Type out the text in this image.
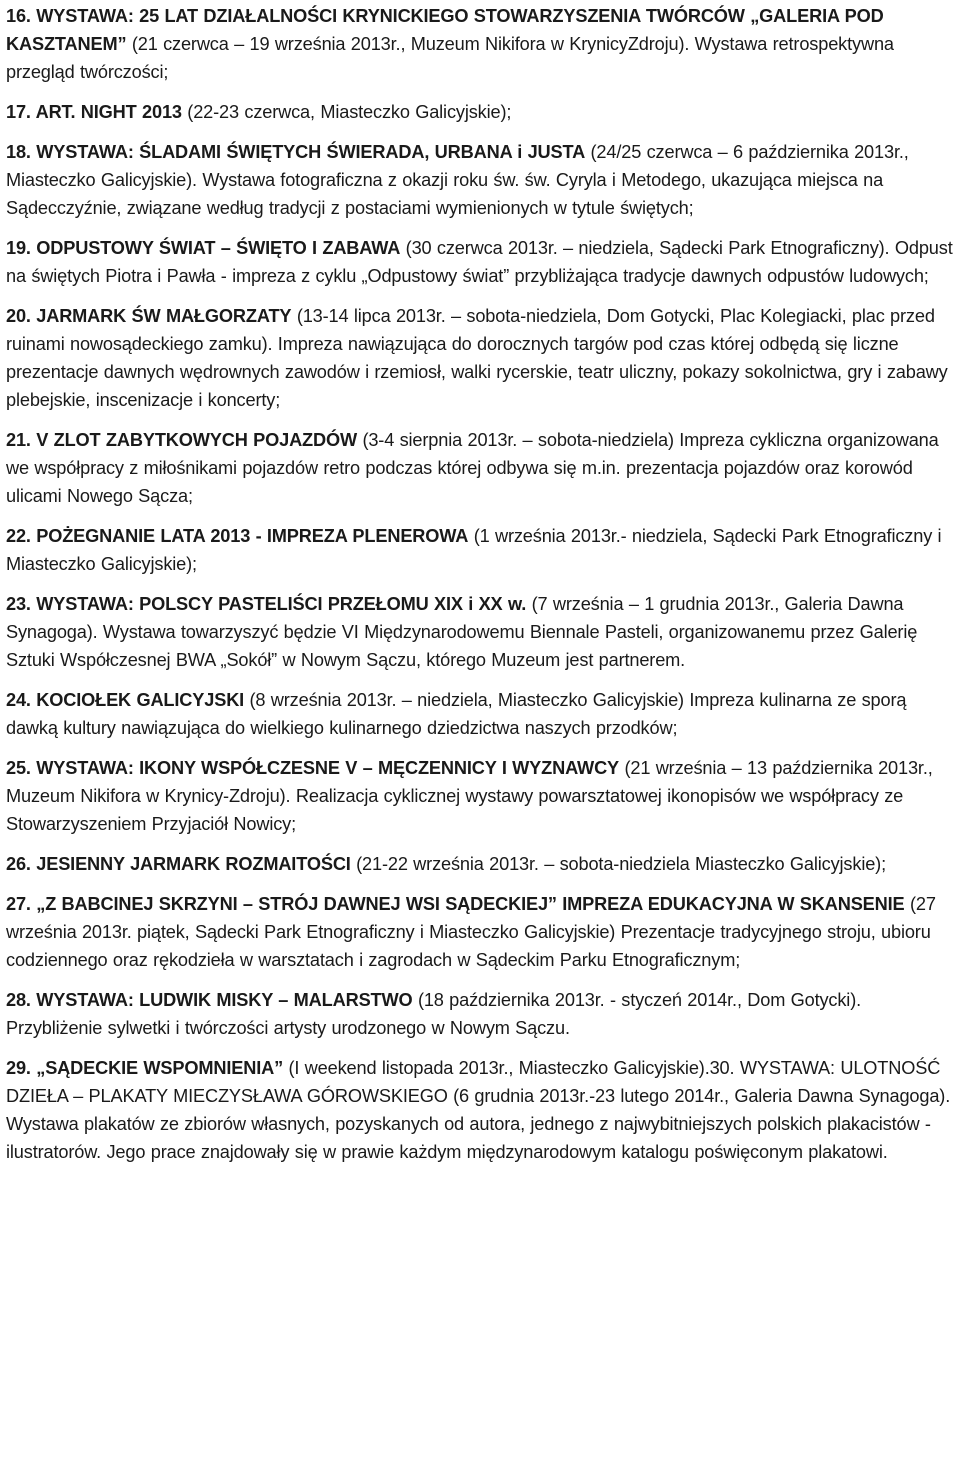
16. WYSTAWA: 25 LAT DZIAŁALNOŚCI KRYNICKIEGO STOWARZYSZENIA TWÓRCÓW „GALERIA POD KASZTANEM” (21 czerwca – 19 września 2013r., Muzeum Nikifora w KrynicyZdroju). Wystawa retrospektywna przegląd twórczości;

17. ART. NIGHT 2013 (22-23 czerwca, Miasteczko Galicyjskie);

18. WYSTAWA: ŚLADAMI ŚWIĘTYCH ŚWIERADA, URBANA i JUSTA (24/25 czerwca – 6 października 2013r., Miasteczko Galicyjskie). Wystawa fotograficzna z okazji roku św. św. Cyryla i Metodego, ukazująca miejsca na Sądecczyźnie, związane według tradycji z postaciami wymienionych w tytule świętych;

19. ODPUSTOWY ŚWIAT – ŚWIĘTO I ZABAWA (30 czerwca 2013r. – niedziela, Sądecki Park Etnograficzny). Odpust na świętych Piotra i Pawła - impreza z cyklu „Odpustowy świat” przybliżająca tradycje dawnych odpustów ludowych;

20. JARMARK ŚW MAŁGORZATY (13-14 lipca 2013r. – sobota-niedziela, Dom Gotycki, Plac Kolegiacki, plac przed ruinami nowosądeckiego zamku). Impreza nawiązująca do dorocznych targów pod czas której odbędą się liczne prezentacje dawnych wędrownych zawodów i rzemiosł, walki rycerskie, teatr uliczny, pokazy sokolnictwa, gry i zabawy plebejskie, inscenizacje i koncerty;

21. V ZLOT ZABYTKOWYCH POJAZDÓW (3-4 sierpnia 2013r. – sobota-niedziela) Impreza cykliczna organizowana we współpracy z miłośnikami pojazdów retro podczas której odbywa się m.in. prezentacja pojazdów oraz korowód ulicami Nowego Sącza;

22. POŻEGNANIE LATA 2013 - IMPREZA PLENEROWA (1 września 2013r.- niedziela, Sądecki Park Etnograficzny i Miasteczko Galicyjskie);

23. WYSTAWA: POLSCY PASTELIŚCI PRZEŁOMU XIX i XX w. (7 września – 1 grudnia 2013r., Galeria Dawna Synagoga). Wystawa towarzyszyć będzie VI Międzynarodowemu Biennale Pasteli, organizowanemu przez Galerię Sztuki Współczesnej BWA „Sokół” w Nowym Sączu, którego Muzeum jest partnerem.

24. KOCIOŁEK GALICYJSKI (8 września 2013r. – niedziela, Miasteczko Galicyjskie) Impreza kulinarna ze sporą dawką kultury nawiązująca do wielkiego kulinarnego dziedzictwa naszych przodków;

25. WYSTAWA: IKONY WSPÓŁCZESNE V – MĘCZENNICY I WYZNAWCY (21 września – 13 października 2013r., Muzeum Nikifora w Krynicy-Zdroju). Realizacja cyklicznej wystawy powarsztatowej ikonopisów we współpracy ze Stowarzyszeniem Przyjaciół Nowicy;

26. JESIENNY JARMARK ROZMAITOŚCI (21-22 września 2013r. – sobota-niedziela Miasteczko Galicyjskie);

27. „Z BABCINEJ SKRZYNI – STRÓJ DAWNEJ WSI SĄDECKIEJ” IMPREZA EDUKACYJNA W SKANSENIE (27 września 2013r. piątek, Sądecki Park Etnograficzny i Miasteczko Galicyjskie) Prezentacje tradycyjnego stroju, ubioru codziennego oraz rękodzieła w warsztatach i zagrodach w Sądeckim Parku Etnograficznym;

28. WYSTAWA: LUDWIK MISKY – MALARSTWO (18 października 2013r. - styczeń 2014r., Dom Gotycki). Przybliżenie sylwetki i twórczości artysty urodzonego w Nowym Sączu.

29. „SĄDECKIE WSPOMNIENIA” (I weekend listopada 2013r., Miasteczko Galicyjskie).30. WYSTAWA: ULOTNOŚĆ DZIEŁA – PLAKATY MIECZYSŁAWA GÓROWSKIEGO (6 grudnia 2013r.-23 lutego 2014r., Galeria Dawna Synagoga). Wystawa plakatów ze zbiorów własnych, pozyskanych od autora, jednego z najwybitniejszych polskich plakacistów - ilustratorów. Jego prace znajdowały się w prawie każdym międzynarodowym katalogu poświęconym plakatowi.
